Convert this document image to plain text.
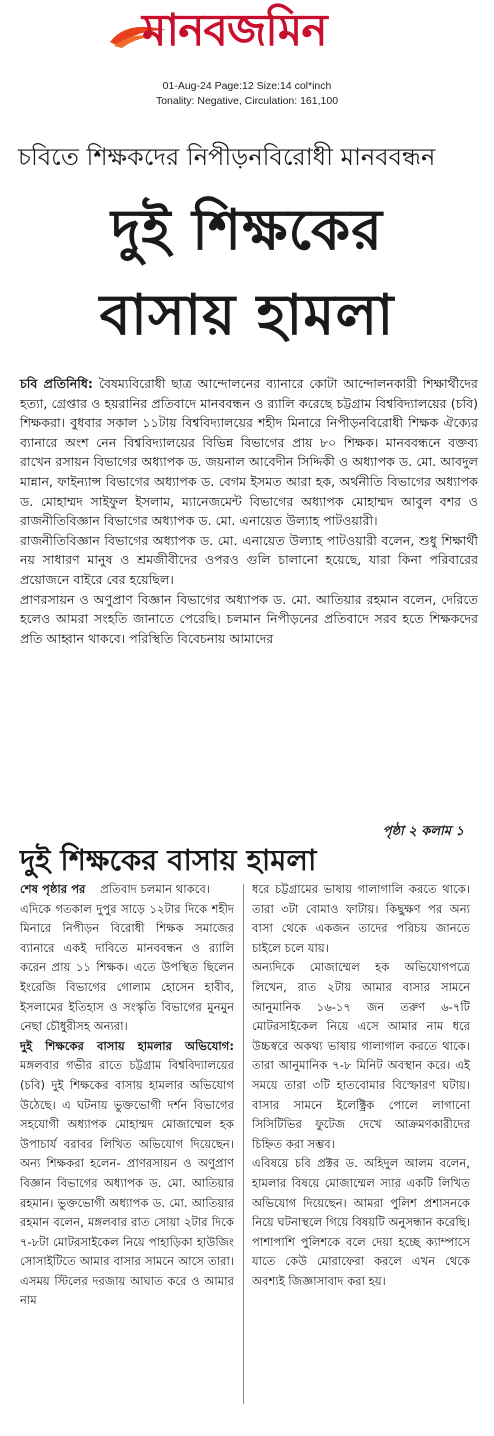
মানবজমিন
01-Aug-24 Page:12 Size:14 col*inch
Tonality: Negative, Circulation: 161,100
চবিতে শিক্ষকদের নিপীড়নবিরোধী মানববন্ধন
দুই শিক্ষকের
বাসায় হামলা

চবি প্রতিনিধি: বৈষম্যবিরোধী ছাত্র আন্দোলনের ব্যানারে কোটা আন্দোলনকারী শিক্ষার্থীদের হত্যা, গ্রেপ্তার ও হয়রানির প্রতিবাদে মানববন্ধন ও র‍্যালি করেছে চট্টগ্রাম বিশ্ববিদ্যালয়ের (চবি) শিক্ষকরা। বুধবার সকাল ১১টায় বিশ্ববিদ্যালয়ের শহীদ মিনারে নিপীড়নবিরোধী শিক্ষক ঐক্যের ব্যানারে অংশ নেন বিশ্ববিদ্যালয়ের বিভিন্ন বিভাগের প্রায় ৮০ শিক্ষক। মানববন্ধনে বক্তব্য রাখেন রসায়ন বিভাগের অধ্যাপক ড. জয়নাল আবেদীন সিদ্দিকী ও অধ্যাপক ড. মো. আবদুল মান্নান, ফাইন্যান্স বিভাগের অধ্যাপক ড. বেগম ইসমত আরা হক, অর্থনীতি বিভাগের অধ্যাপক ড. মোহাম্মদ সাইফুল ইসলাম, ম্যানেজমেন্ট বিভাগের অধ্যাপক মোহাম্মদ আবুল বশর ও রাজনীতিবিজ্ঞান বিভাগের অধ্যাপক ড. মো. এনায়েত উল্যাহ পাটওয়ারী।

রাজনীতিবিজ্ঞান বিভাগের অধ্যাপক ড. মো. এনায়েত উল্যাহ পাটওয়ারী বলেন, শুধু শিক্ষার্থী নয় সাধারণ মানুষ ও শ্রমজীবীদের ওপরও গুলি চালানো হয়েছে, যারা কিনা পরিবারের প্রয়োজনে বাইরে বের হয়েছিল।

প্রাণরসায়ন ও অণুপ্রাণ বিজ্ঞান বিভাগের অধ্যাপক ড. মো. আতিয়ার রহমান বলেন, দেরিতে হলেও আমরা সংহতি জানাতে পেরেছি। চলমান নিপীড়নের প্রতিবাদে সরব হতে শিক্ষকদের প্রতি আহ্বান থাকবে। পরিস্থিতি বিবেচনায় আমাদের

পৃষ্ঠা ২ কলাম ১
দুই শিক্ষকের বাসায় হামলা

শেষ পৃষ্ঠার পর প্রতিবাদ চলমান থাকবে।

এদিকে গতকাল দুপুর সাড়ে ১২টার দিকে শহীদ মিনারে নিপীড়ন বিরোধী শিক্ষক সমাজের ব্যানারে একই দাবিতে মানববন্ধন ও র‍্যালি করেন প্রায় ১১ শিক্ষক। এতে উপস্থিত ছিলেন ইংরেজি বিভাগের গোলাম হোসেন হাবীব, ইসলামের ইতিহাস ও সংস্কৃতি বিভাগের মুনমুন নেছা চৌধুরীসহ অন্যরা।

দুই শিক্ষকের বাসায় হামলার অভিযোগ: মঙ্গলবার গভীর রাতে চট্টগ্রাম বিশ্ববিদ্যালয়ের (চবি) দুই শিক্ষকের বাসায় হামলার অভিযোগ উঠেছে। এ ঘটনায় ভুক্তভোগী দর্শন বিভাগের সহযোগী অধ্যাপক মোহাম্মদ মোজাম্মেল হক উপাচার্য বরাবর লিখিত অভিযোগ দিয়েছেন। অন্য শিক্ষকরা হলেন- প্রাণরসায়ন ও অণুপ্রাণ বিজ্ঞান বিভাগের অধ্যাপক ড. মো. আতিয়ার রহমান। ভুক্তভোগী অধ্যাপক ড. মো. আতিয়ার রহমান বলেন, মঙ্গলবার রাত সোয়া ২টার দিকে ৭-৮টা মোটরসাইকেল নিয়ে পাহাড়িকা হাউজিং সোসাইটিতে আমার বাসার সামনে আসে তারা। এসময় স্টিলের দরজায় আঘাত করে ও আমার নাম

ধরে চট্টগ্রামের ভাষায় গালাগালি করতে থাকে। তারা ৩টা বোমাও ফাটায়। কিছুক্ষণ পর অন্য বাসা থেকে একজন তাদের পরিচয় জানতে চাইলে চলে যায়।

অন্যদিকে মোজাম্মেল হক অভিযোগপত্রে লিখেন, রাত ২টায় আমার বাসার সামনে আনুমানিক ১৬-১৭ জন তরুণ ৬-৭টি মোটরসাইকেল নিয়ে এসে আমার নাম ধরে উচ্চস্বরে অকথ্য ভাষায় গালাগাল করতে থাকে। তারা আনুমানিক ৭-৮ মিনিট অবস্থান করে। এই সময়ে তারা ৩টি হাতবোমার বিস্ফোরণ ঘটায়। বাসার সামনে ইলেক্ট্রিক পোলে লাগানো সিসিটিভির ফুটেজ দেখে আক্রমণকারীদের চিহ্নিত করা সম্ভব।

এবিষয়ে চবি প্রক্টর ড. অহিদুল আলম বলেন, হামলার বিষয়ে মোজাম্মেল স্যার একটি লিখিত অভিযোগ দিয়েছেন। আমরা পুলিশ প্রশাসনকে নিয়ে ঘটনাস্থলে গিয়ে বিষয়টি অনুসন্ধান করেছি। পাশাপাশি পুলিশকে বলে দেয়া হচ্ছে ক্যাম্পাসে যাতে কেউ মোরাফেরা করলে এখন থেকে অবশ্যই জিজ্ঞাসাবাদ করা হয়।
